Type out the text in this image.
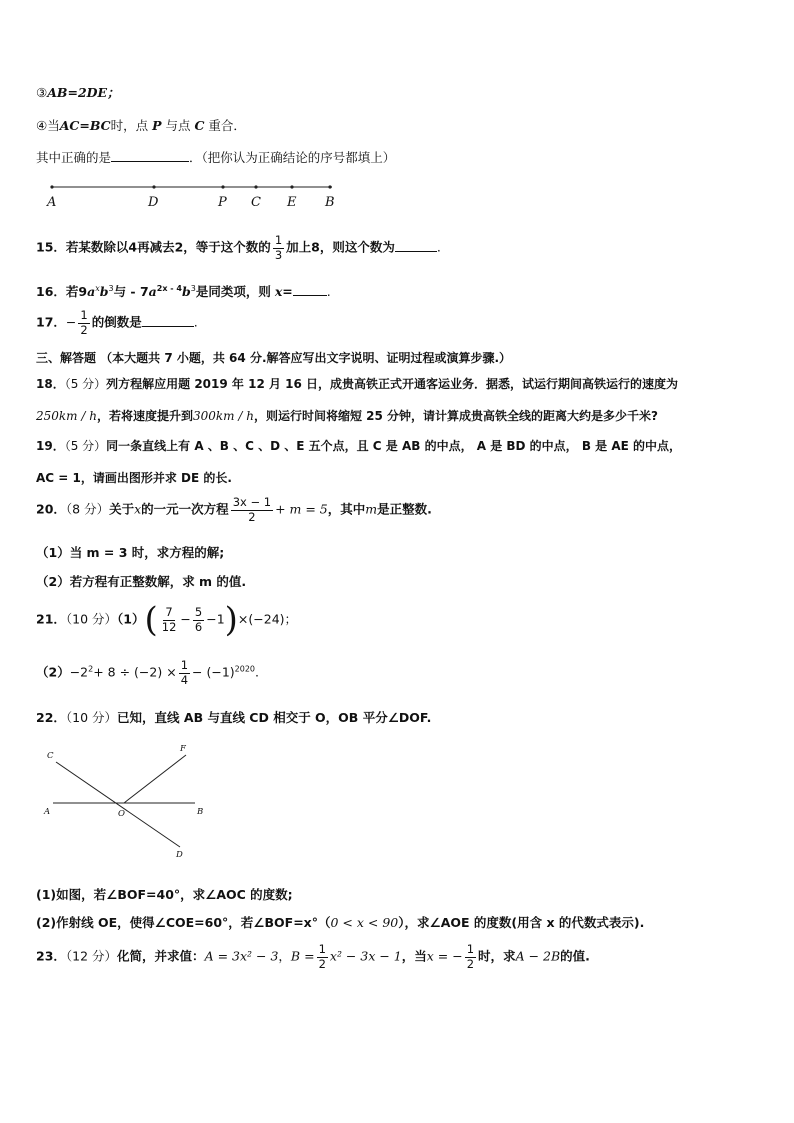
③AB=2DE；
④当AC=BC时，点 P 与点 C 重合．
其中正确的是	．（把你认为正确结论的序号都填上）
A	D	P C E B
15．若某数除以4再减去2，等于这个数的 $\frac{1}{3}$ 加上8，则这个数为	.
16．若$9a^xb^3$与 - $7a^{2x - 4}b^3$是同类项，则 x=	.
17．− $\frac{1}{2}$ 的倒数是	.
三、解答题 （本大题共 7 小题，共 64 分.解答应写出文字说明、证明过程或演算步骤.）
18．（5 分）列方程解应用题 2019 年 12 月 16 日，成贵高铁正式开通客运业务．据悉，试运行期间高铁运行的速度为
250km / h，若将速度提升到300km / h，则运行时间将缩短 25 分钟，请计算成贵高铁全线的距离大约是多少千米?
19．（5 分）同一条直线上有 A 、B 、C 、D 、E 五个点，且 C 是 AB 的中点， A 是 BD 的中点， B 是 AE 的中点，
AC = 1，请画出图形并求 DE 的长.
20．（8 分）关于x的一元一次方程 $\frac{3x - 1}{2} + m = 5$，其中m是正整数.
（1）当 m = 3 时，求方程的解;
（2）若方程有正整数解，求 m 的值.
21．（10 分）$(1)( \frac{7}{12} - \frac{5}{6} -1)\times(-24)$；
$(2)-2^2+ 8 \div (-2) \times \frac{1}{4} - (-1)^{2020}$.
22．（10 分）已知，直线 AB 与直线 CD 相交于 O，OB 平分∠DOF.
C
F
A	O	B
D
(1)如图，若∠BOF=40°，求∠AOC 的度数;
(2)作射线 OE，使得∠COE=60°，若∠BOF=x°（0 < x < 90），求∠AOE 的度数(用含 x 的代数式表示).
23．（12 分）化简，并求值：A = 3x² − 3，$B = \frac{1}{2} x^2 - 3x - 1$，当x = − $\frac{1}{2}$ 时，求A − 2B的值.
